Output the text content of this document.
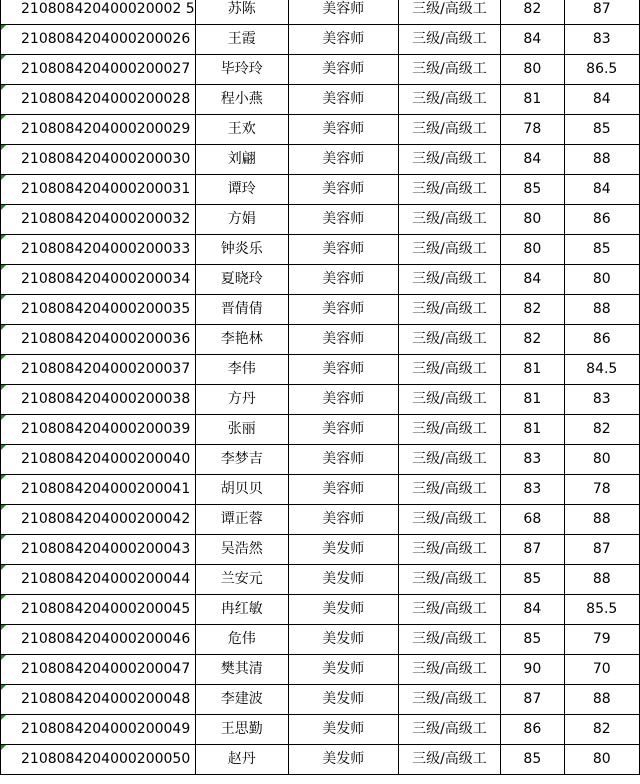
210808420400020002 5	苏陈	美容师	三级/高级工	82	87

2108084204000200026	王霞	美容师	三级/高级工	84	83

2108084204000200027	毕玲玲	美容师	三级/高级工	80	86.5

2108084204000200028	程小燕	美容师	三级/高级工	81	84

2108084204000200029	王欢	美容师	三级/高级工	78	85

2108084204000200030	刘翩	美容师	三级/高级工	84	88

2108084204000200031	谭玲	美容师	三级/高级工	85	84

2108084204000200032	方娟	美容师	三级/高级工	80	86

2108084204000200033	钟炎乐	美容师	三级/高级工	80	85

2108084204000200034	夏晓玲	美容师	三级/高级工	84	80

2108084204000200035	晋倩倩	美容师	三级/高级工	82	88

2108084204000200036	李艳林	美容师	三级/高级工	82	86

2108084204000200037	李伟	美容师	三级/高级工	81	84.5

2108084204000200038	方丹	美容师	三级/高级工	81	83

2108084204000200039	张丽	美容师	三级/高级工	81	82

2108084204000200040	李梦吉	美容师	三级/高级工	83	80

2108084204000200041	胡贝贝	美容师	三级/高级工	83	78

2108084204000200042	谭正蓉	美容师	三级/高级工	68	88

2108084204000200043	吴浩然	美发师	三级/高级工	87	87

2108084204000200044	兰安元	美发师	三级/高级工	85	88

2108084204000200045	冉红敏	美发师	三级/高级工	84	85.5

2108084204000200046	危伟	美发师	三级/高级工	85	79

2108084204000200047	樊其清	美发师	三级/高级工	90	70

2108084204000200048	李建波	美发师	三级/高级工	87	88

2108084204000200049	王思勤	美发师	三级/高级工	86	82

2108084204000200050	赵丹	美发师	三级/高级工	85	80
